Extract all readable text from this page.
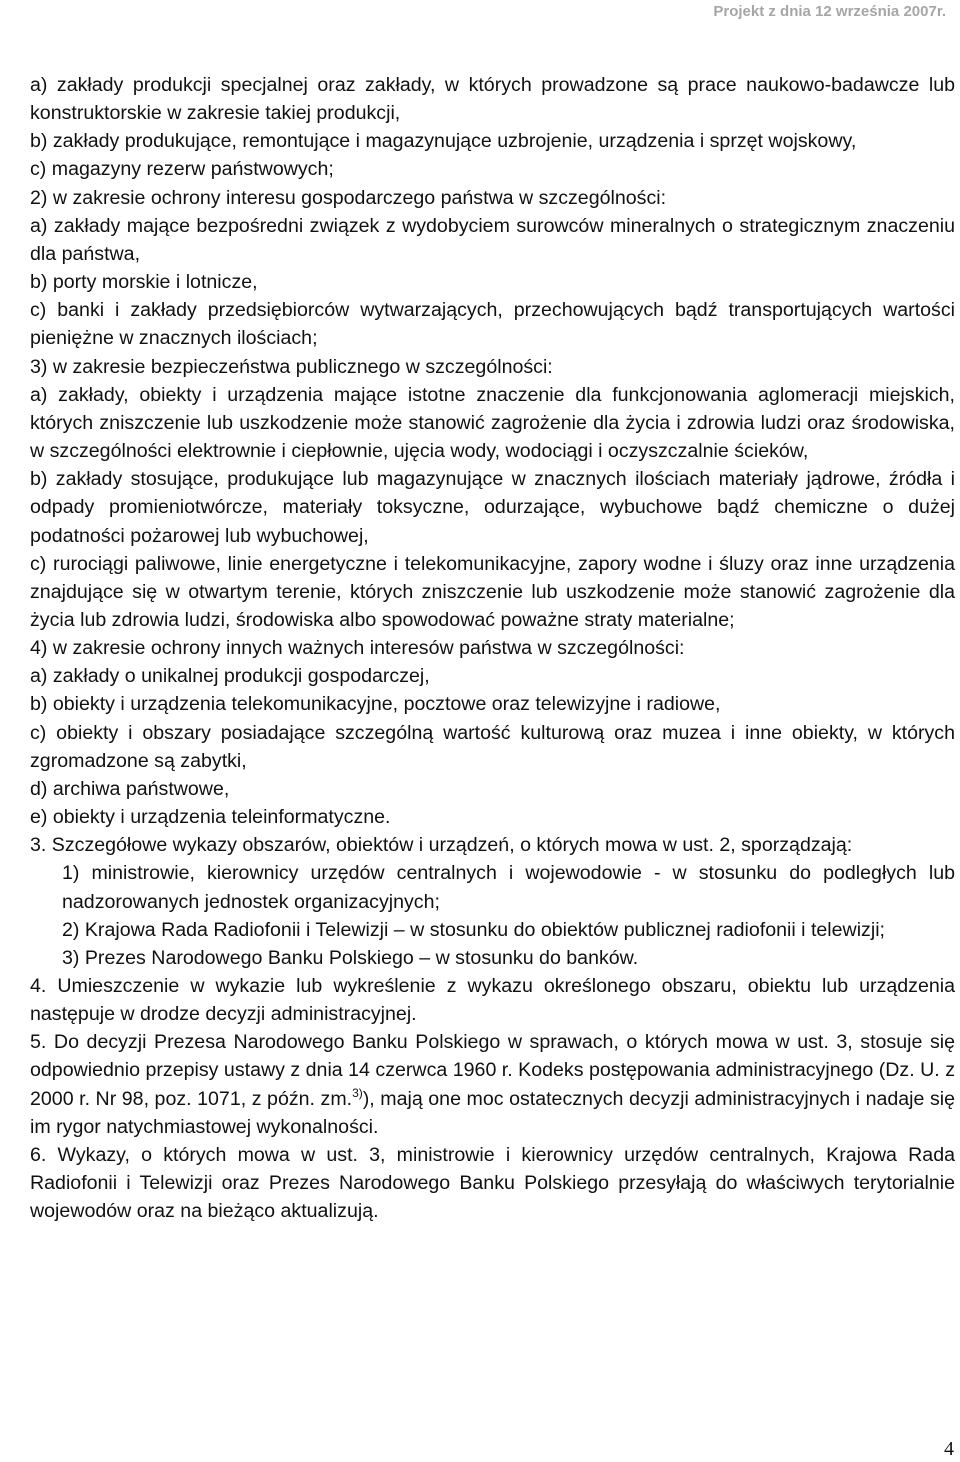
Projekt z dnia 12 września 2007r.

a) zakłady produkcji specjalnej oraz zakłady, w których prowadzone są prace naukowo-badawcze lub konstruktorskie w zakresie takiej produkcji,

b) zakłady produkujące, remontujące i magazynujące uzbrojenie, urządzenia i sprzęt wojskowy,

c) magazyny rezerw państwowych;

2) w zakresie ochrony interesu gospodarczego państwa w szczególności:

a) zakłady mające bezpośredni związek z wydobyciem surowców mineralnych o strategicznym znaczeniu dla państwa,

b) porty morskie i lotnicze,

c) banki i zakłady przedsiębiorców wytwarzających, przechowujących bądź transportujących wartości pieniężne w znacznych ilościach;

3) w zakresie bezpieczeństwa publicznego w szczególności:

a) zakłady, obiekty i urządzenia mające istotne znaczenie dla funkcjonowania aglomeracji miejskich, których zniszczenie lub uszkodzenie może stanowić zagrożenie dla życia i zdrowia ludzi oraz środowiska, w szczególności elektrownie i ciepłownie, ujęcia wody, wodociągi i oczyszczalnie ścieków,

b) zakłady stosujące, produkujące lub magazynujące w znacznych ilościach materiały jądrowe, źródła i odpady promieniotwórcze, materiały toksyczne, odurzające, wybuchowe bądź chemiczne o dużej podatności pożarowej lub wybuchowej,

c) rurociągi paliwowe, linie energetyczne i telekomunikacyjne, zapory wodne i śluzy oraz inne urządzenia znajdujące się w otwartym terenie, których zniszczenie lub uszkodzenie może stanowić zagrożenie dla życia lub zdrowia ludzi, środowiska albo spowodować poważne straty materialne;

4) w zakresie ochrony innych ważnych interesów państwa w szczególności:

a) zakłady o unikalnej produkcji gospodarczej,

b) obiekty i urządzenia telekomunikacyjne, pocztowe oraz telewizyjne i radiowe,

c) obiekty i obszary posiadające szczególną wartość kulturową oraz muzea i inne obiekty, w których zgromadzone są zabytki,

d) archiwa państwowe,

e) obiekty i urządzenia teleinformatyczne.

3. Szczegółowe wykazy obszarów, obiektów i urządzeń, o których mowa w ust. 2, sporządzają:

1) ministrowie, kierownicy urzędów centralnych i wojewodowie - w stosunku do podległych lub nadzorowanych jednostek organizacyjnych;

2) Krajowa Rada Radiofonii i Telewizji – w stosunku do obiektów publicznej radiofonii i telewizji;

3) Prezes Narodowego Banku Polskiego – w stosunku do banków.

4. Umieszczenie w wykazie lub wykreślenie z wykazu określonego obszaru, obiektu lub urządzenia następuje w drodze decyzji administracyjnej.

5. Do decyzji Prezesa Narodowego Banku Polskiego w sprawach, o których mowa w ust. 3, stosuje się odpowiednio przepisy ustawy z dnia 14 czerwca 1960 r. Kodeks postępowania administracyjnego (Dz. U. z 2000 r. Nr 98, poz. 1071, z późn. zm.$^{3)}$), mają one moc ostatecznych decyzji administracyjnych i nadaje się im rygor natychmiastowej wykonalności.

6. Wykazy, o których mowa w ust. 3, ministrowie i kierownicy urzędów centralnych, Krajowa Rada Radiofonii i Telewizji oraz Prezes Narodowego Banku Polskiego przesyłają do właściwych terytorialnie wojewodów oraz na bieżąco aktualizują.

4
